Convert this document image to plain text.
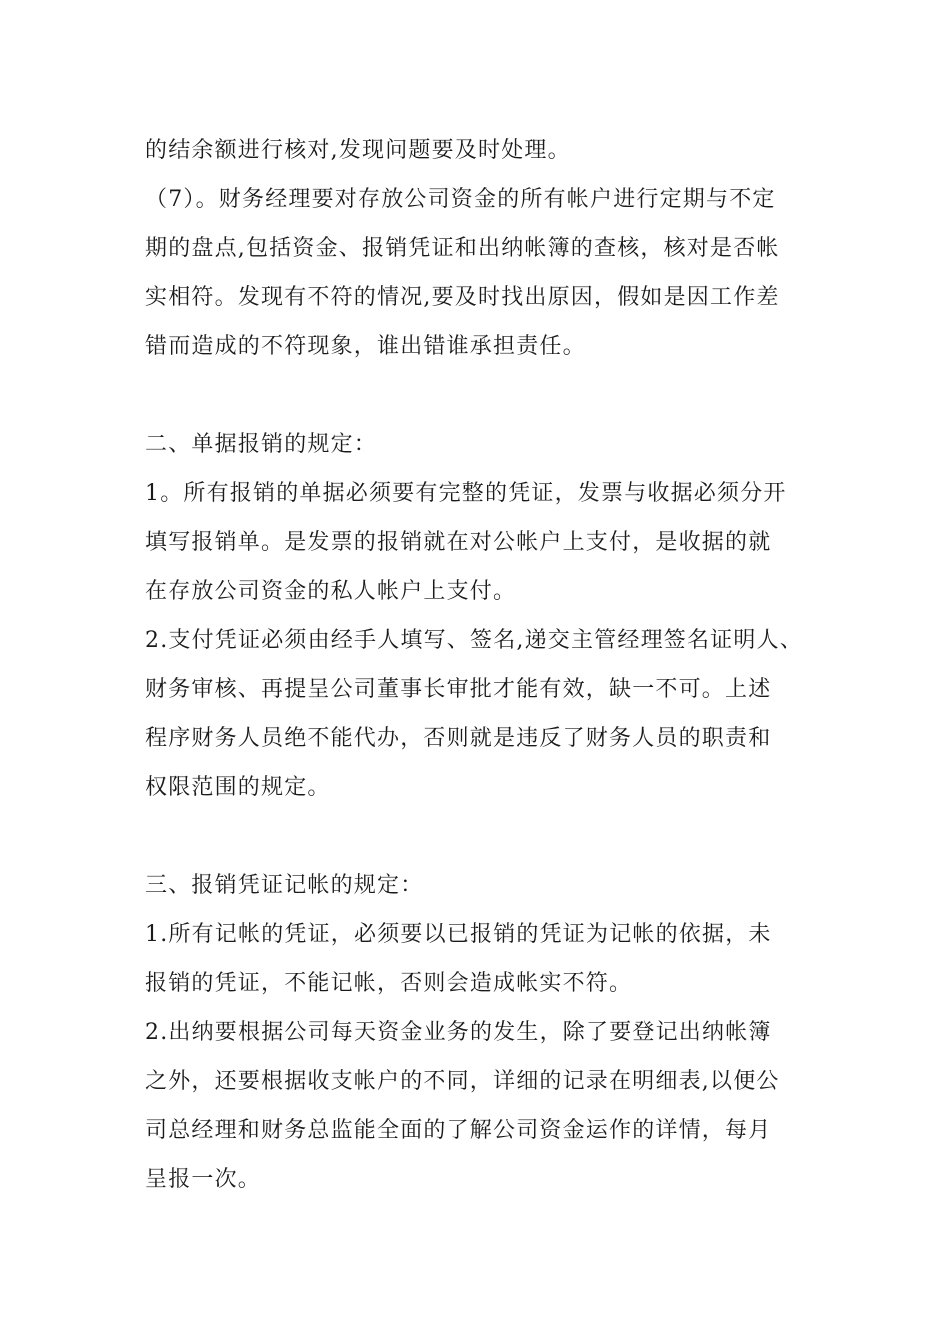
的结余额进行核对,发现问题要及时处理。
（7）。财务经理要对存放公司资金的所有帐户进行定期与不定
期的盘点,包括资金、报销凭证和出纳帐簿的查核，核对是否帐
实相符。发现有不符的情况,要及时找出原因，假如是因工作差
错而造成的不符现象，谁出错谁承担责任。
二、单据报销的规定：
1。所有报销的单据必须要有完整的凭证，发票与收据必须分开
填写报销单。是发票的报销就在对公帐户上支付，是收据的就
在存放公司资金的私人帐户上支付。
2.支付凭证必须由经手人填写、签名,递交主管经理签名证明人、
财务审核、再提呈公司董事长审批才能有效，缺一不可。上述
程序财务人员绝不能代办，否则就是违反了财务人员的职责和
权限范围的规定。
三、报销凭证记帐的规定：
1.所有记帐的凭证，必须要以已报销的凭证为记帐的依据，未
报销的凭证，不能记帐，否则会造成帐实不符。
2.出纳要根据公司每天资金业务的发生，除了要登记出纳帐簿
之外，还要根据收支帐户的不同，详细的记录在明细表,以便公
司总经理和财务总监能全面的了解公司资金运作的详情，每月
呈报一次。
